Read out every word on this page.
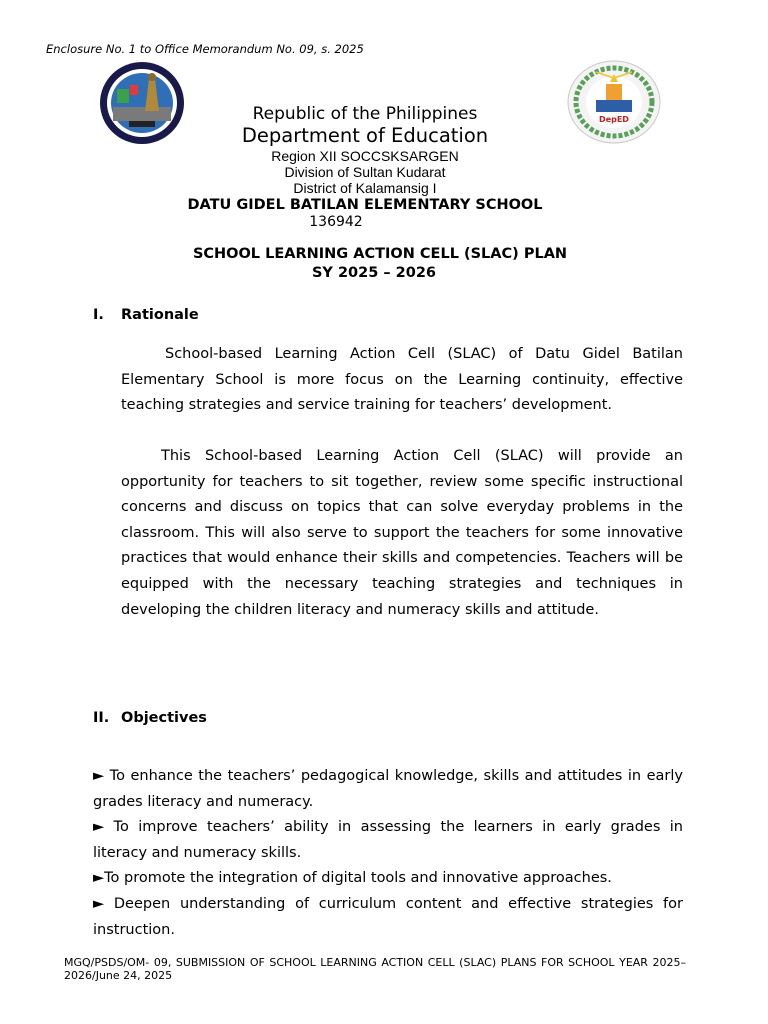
Enclosure No. 1 to Office Memorandum No. 09, s. 2025
DepED
Republic of the Philippines
Department of Education
Region XII SOCCSKSARGEN
Division of Sultan Kudarat
District of Kalamansig I
DATU GIDEL BATILAN ELEMENTARY SCHOOL
136942
SCHOOL LEARNING ACTION CELL (SLAC) PLAN
SY 2025 – 2026
I. Rationale
School-based Learning Action Cell (SLAC) of Datu Gidel Batilan Elementary School is more focus on the Learning continuity, effective teaching strategies and service training for teachers’ development.
This School-based Learning Action Cell (SLAC) will provide an opportunity for teachers to sit together, review some specific instructional concerns and discuss on topics that can solve everyday problems in the classroom. This will also serve to support the teachers for some innovative practices that would enhance their skills and competencies. Teachers will be equipped with the necessary teaching strategies and techniques in developing the children literacy and numeracy skills and attitude.
II. Objectives
► To enhance the teachers’ pedagogical knowledge, skills and attitudes in early grades literacy and numeracy.
► To improve teachers’ ability in assessing the learners in early grades in literacy and numeracy skills.
►To promote the integration of digital tools and innovative approaches.
► Deepen understanding of curriculum content and effective strategies for instruction.
MGQ/PSDS/OM- 09, SUBMISSION OF SCHOOL LEARNING ACTION CELL (SLAC) PLANS FOR SCHOOL YEAR 2025–2026/June 24, 2025
